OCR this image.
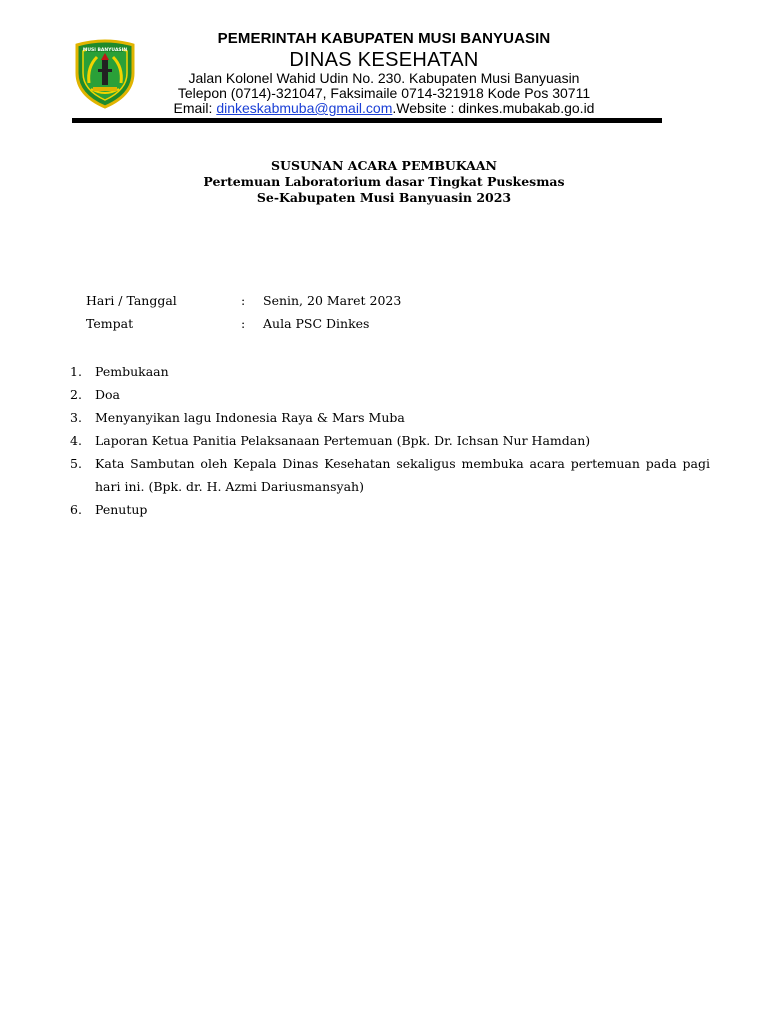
MUSI BANYUASIN
PEMERINTAH KABUPATEN MUSI BANYUASIN
DINAS KESEHATAN
Jalan Kolonel Wahid Udin No. 230. Kabupaten Musi Banyuasin
Telepon (0714)-321047, Faksimaile 0714-321918 Kode Pos 30711
Email: dinkeskabmuba@gmail.com.Website : dinkes.mubakab.go.id
SUSUNAN ACARA PEMBUKAAN
Pertemuan Laboratorium dasar Tingkat Puskesmas
Se-Kabupaten Musi Banyuasin 2023
Hari / Tanggal	: Senin, 20 Maret 2023
Tempat	: Aula PSC Dinkes
1. Pembukaan
2. Doa
3. Menyanyikan lagu Indonesia Raya & Mars Muba
4. Laporan Ketua Panitia Pelaksanaan Pertemuan (Bpk. Dr. Ichsan Nur Hamdan)
5. Kata Sambutan oleh Kepala Dinas Kesehatan sekaligus membuka acara pertemuan pada pagi hari ini. (Bpk. dr. H. Azmi Dariusmansyah)
6. Penutup
